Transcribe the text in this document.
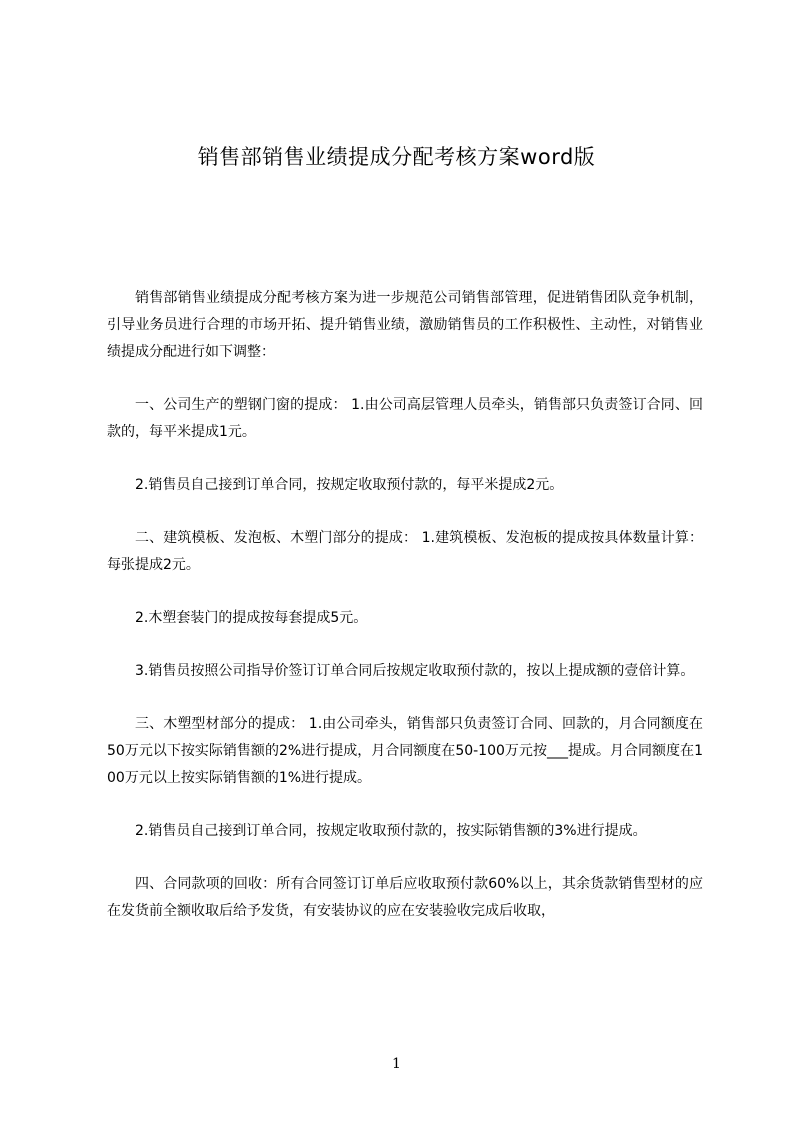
销售部销售业绩提成分配考核方案word版

销售部销售业绩提成分配考核方案为进一步规范公司销售部管理，促进销售团队竞争机制，引导业务员进行合理的市场开拓、提升销售业绩，激励销售员的工作积极性、主动性，对销售业绩提成分配进行如下调整：

一、公司生产的塑钢门窗的提成： 1.由公司高层管理人员牵头，销售部只负责签订合同、回款的，每平米提成1元。

2.销售员自己接到订单合同，按规定收取预付款的，每平米提成2元。

二、建筑模板、发泡板、木塑门部分的提成： 1.建筑模板、发泡板的提成按具体数量计算：每张提成2元。

2.木塑套装门的提成按每套提成5元。

3.销售员按照公司指导价签订订单合同后按规定收取预付款的，按以上提成额的壹倍计算。

三、木塑型材部分的提成： 1.由公司牵头，销售部只负责签订合同、回款的，月合同额度在50万元以下按实际销售额的2%进行提成，月合同额度在50-100万元按___提成。月合同额度在100万元以上按实际销售额的1%进行提成。

2.销售员自己接到订单合同，按规定收取预付款的，按实际销售额的3%进行提成。

四、合同款项的回收：所有合同签订订单后应收取预付款60%以上，其余货款销售型材的应在发货前全额收取后给予发货，有安装协议的应在安装验收完成后收取，

1
